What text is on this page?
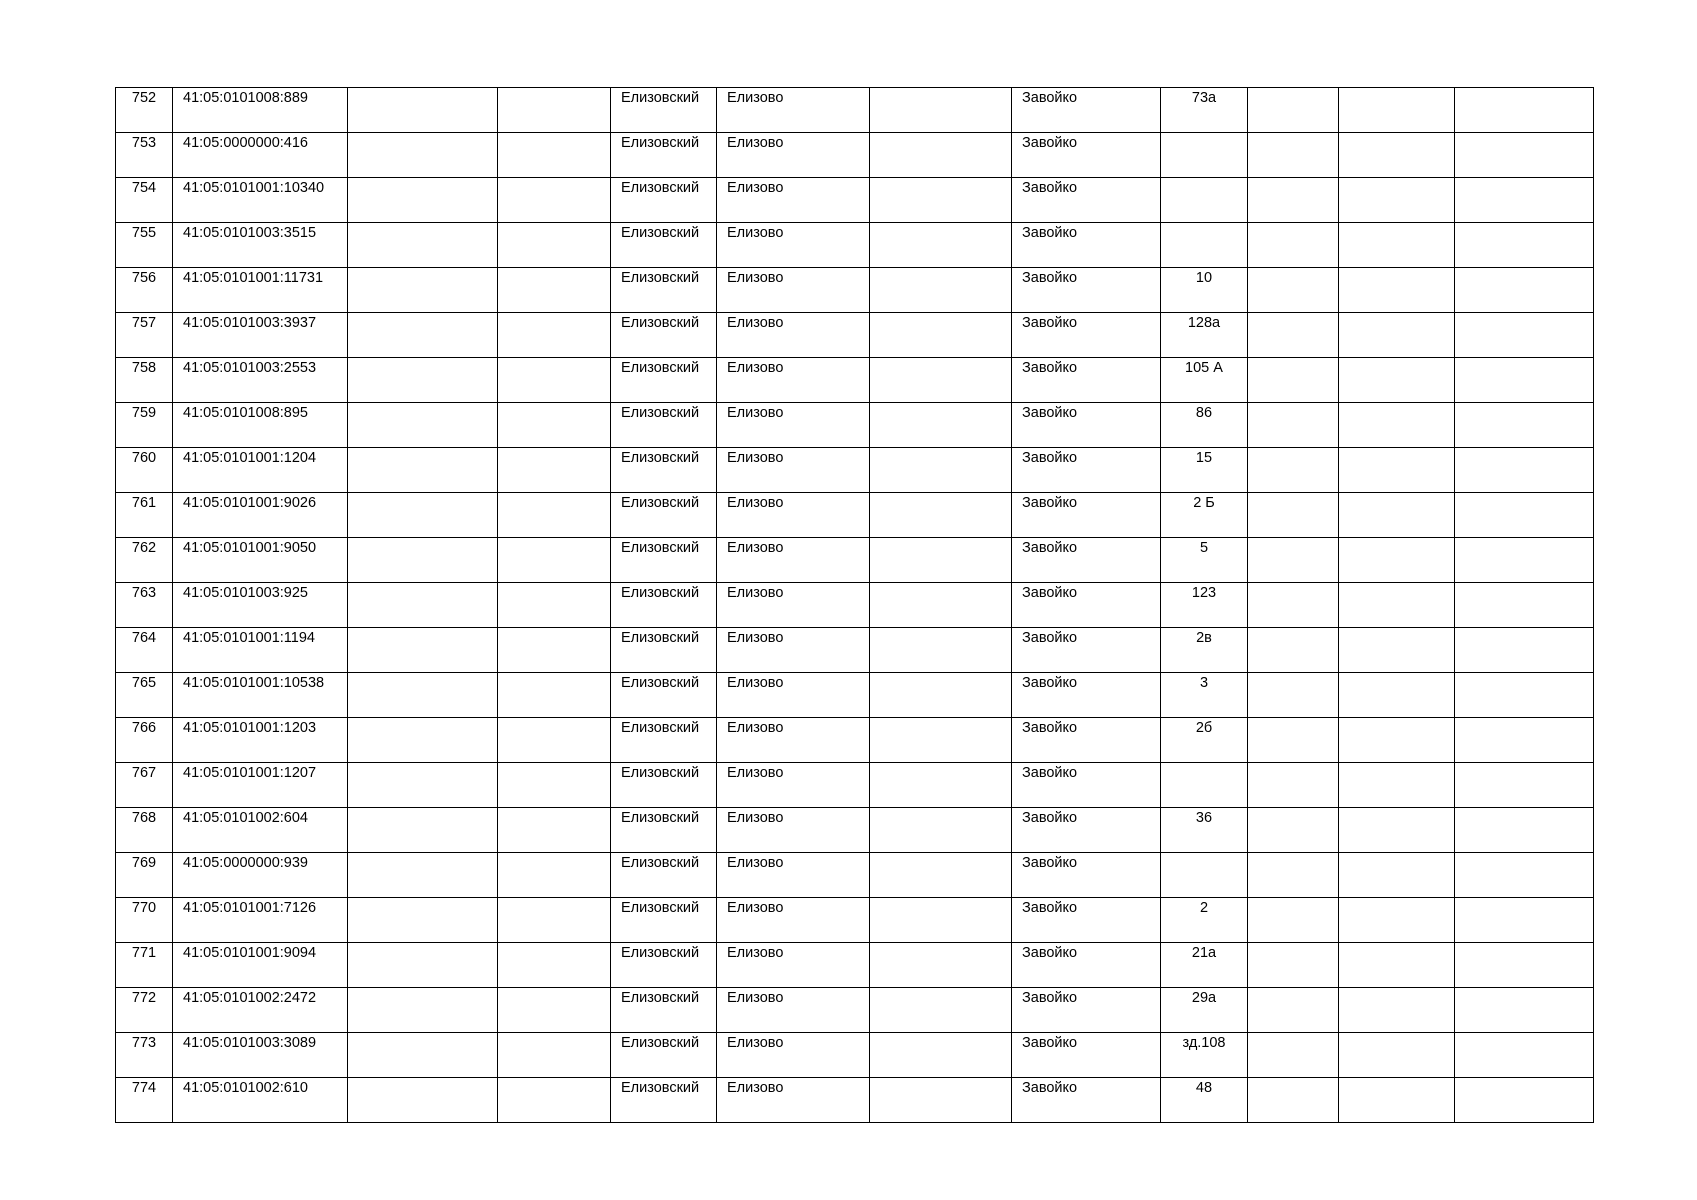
752	41:05:0101008:889			Елизовский	Елизово		Завойко	73а			
753	41:05:0000000:416			Елизовский	Елизово		Завойко				
754	41:05:0101001:10340			Елизовский	Елизово		Завойко				
755	41:05:0101003:3515			Елизовский	Елизово		Завойко				
756	41:05:0101001:11731			Елизовский	Елизово		Завойко	10			
757	41:05:0101003:3937			Елизовский	Елизово		Завойко	128а			
758	41:05:0101003:2553			Елизовский	Елизово		Завойко	105 А			
759	41:05:0101008:895			Елизовский	Елизово		Завойко	86			
760	41:05:0101001:1204			Елизовский	Елизово		Завойко	15			
761	41:05:0101001:9026			Елизовский	Елизово		Завойко	2 Б			
762	41:05:0101001:9050			Елизовский	Елизово		Завойко	5			
763	41:05:0101003:925			Елизовский	Елизово		Завойко	123			
764	41:05:0101001:1194			Елизовский	Елизово		Завойко	2в			
765	41:05:0101001:10538			Елизовский	Елизово		Завойко	3			
766	41:05:0101001:1203			Елизовский	Елизово		Завойко	2б			
767	41:05:0101001:1207			Елизовский	Елизово		Завойко				
768	41:05:0101002:604			Елизовский	Елизово		Завойко	36			
769	41:05:0000000:939			Елизовский	Елизово		Завойко				
770	41:05:0101001:7126			Елизовский	Елизово		Завойко	2			
771	41:05:0101001:9094			Елизовский	Елизово		Завойко	21а			
772	41:05:0101002:2472			Елизовский	Елизово		Завойко	29а			
773	41:05:0101003:3089			Елизовский	Елизово		Завойко	зд.108			
774	41:05:0101002:610			Елизовский	Елизово		Завойко	48			
